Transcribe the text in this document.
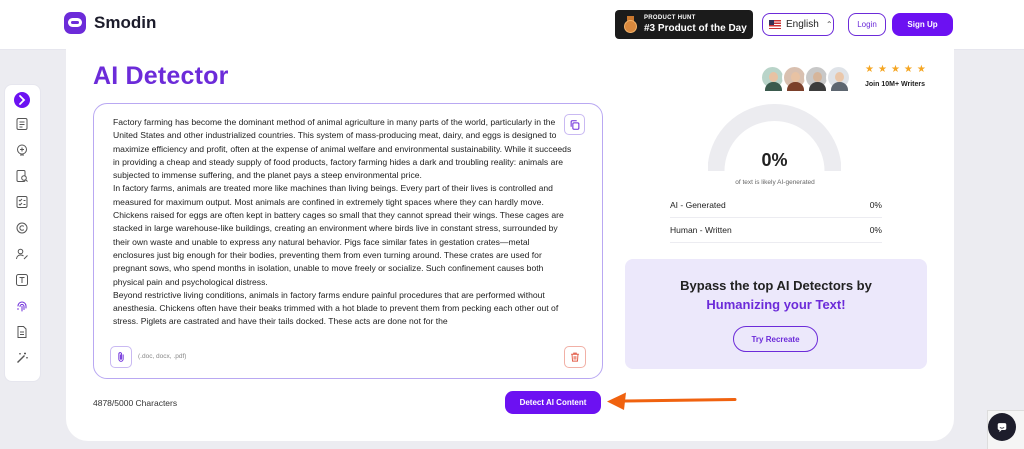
Smodin	PRODUCT HUNT
#3 Product of the Day	English ⌃	Login	Sign Up
AI Detector

Factory farming has become the dominant method of animal agriculture in many parts of the world, particularly in the United States and other industrialized countries. This system of mass-producing meat, dairy, and eggs is designed to maximize efficiency and profit, often at the expense of animal welfare and environmental sustainability. While it succeeds in providing a cheap and steady supply of food products, factory farming hides a dark and troubling reality: animals are subjected to immense suffering, and the planet pays a steep environmental price.

In factory farms, animals are treated more like machines than living beings. Every part of their lives is controlled and measured for maximum output. Most animals are confined in extremely tight spaces where they can hardly move. Chickens raised for eggs are often kept in battery cages so small that they cannot spread their wings. These cages are stacked in large warehouse-like buildings, creating an environment where birds live in constant stress, surrounded by their own waste and unable to express any natural behavior. Pigs face similar fates in gestation crates—metal enclosures just big enough for their bodies, preventing them from even turning around. These crates are used for pregnant sows, who spend months in isolation, unable to move freely or socialize. Such confinement causes both physical pain and psychological distress.

Beyond restrictive living conditions, animals in factory farms endure painful procedures that are performed without anesthesia. Chickens often have their beaks trimmed with a hot blade to prevent them from pecking each other out of stress. Piglets are castrated and have their tails docked. These acts are done not for the

(.doc, docx, .pdf)
4878/5000 Characters	Detect AI Content
★ ★ ★ ★ ★
Join 10M+ Writers
0%
of text is likely AI-generated
AI - Generated	0%
Human - Written	0%
Bypass the top AI Detectors by
Humanizing your Text!
Try Recreate
